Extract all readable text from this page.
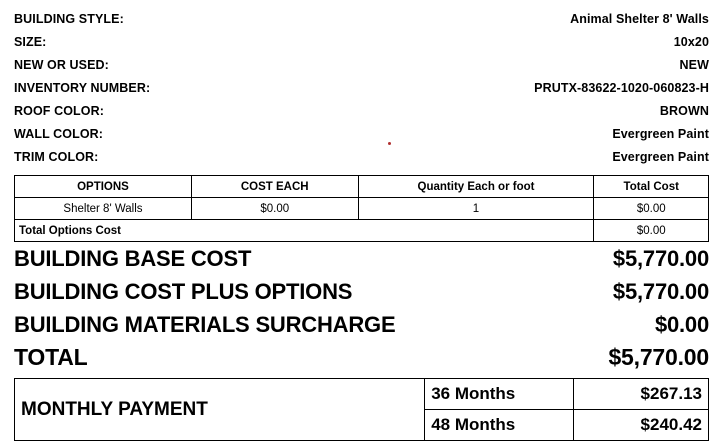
BUILDING STYLE:	Animal Shelter 8' Walls
SIZE:	10x20
NEW OR USED:	NEW
INVENTORY NUMBER:	PRUTX-83622-1020-060823-H
ROOF COLOR:	BROWN
WALL COLOR:	Evergreen Paint
TRIM COLOR:	Evergreen Paint
OPTIONS	COST EACH	Quantity Each or foot	Total Cost
Shelter 8' Walls	$0.00	1	$0.00
Total Options Cost			$0.00
BUILDING BASE COST	$5,770.00
BUILDING COST PLUS OPTIONS	$5,770.00
BUILDING MATERIALS SURCHARGE	$0.00
TOTAL	$5,770.00
MONTHLY PAYMENT	36 Months	$267.13
	48 Months	$240.42
